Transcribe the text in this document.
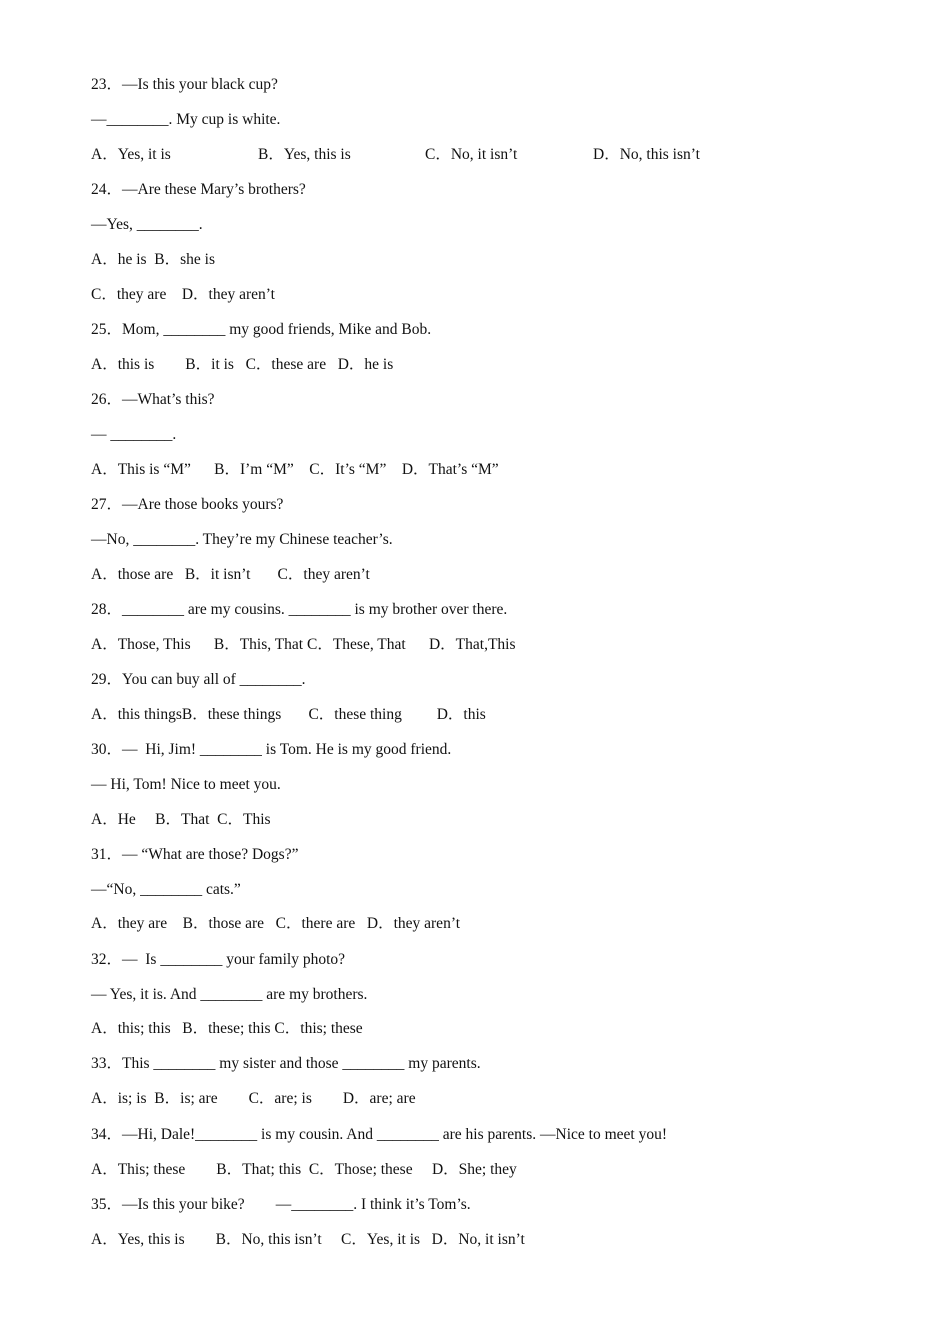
23．—Is this your black cup?
—________. My cup is white.
A．Yes, it is	B．Yes, this is	C．No, it isn’t	D．No, this isn’t
24．—Are these Mary’s brothers?
—Yes, ________.
A．he is  B．she is
C．they are    D．they aren’t
25．Mom, ________ my good friends, Mike and Bob.
A．this is        B．it is   C．these are   D．he is
26．—What’s this?
— ________.
A．This is “M”      B．I’m “M”    C．It’s “M”    D．That’s “M”
27．—Are those books yours?
—No, ________. They’re my Chinese teacher’s.
A．those are   B．it isn’t       C．they aren’t
28．________ are my cousins. ________ is my brother over there.
A．Those, This      B．This, That C．These, That      D．That,This
29．You can buy all of ________.
A．this thingsB．these things       C．these thing         D．this
30．—  Hi, Jim! ________ is Tom. He is my good friend.
— Hi, Tom! Nice to meet you.
A．He     B．That  C．This
31．— “What are those? Dogs?”
—“No, ________ cats.”
A．they are    B．those are   C．there are   D．they aren’t
32．—  Is ________ your family photo?
— Yes, it is. And ________ are my brothers.
A．this; this   B．these; this C．this; these
33．This ________ my sister and those ________ my parents.
A．is; is  B．is; are        C．are; is        D．are; are
34．—Hi, Dale!________ is my cousin. And ________ are his parents. —Nice to meet you!
A．This; these        B．That; this  C．Those; these     D．She; they
35．—Is this your bike?        —________. I think it’s Tom’s.
A．Yes, this is        B．No, this isn’t     C．Yes, it is   D．No, it isn’t
